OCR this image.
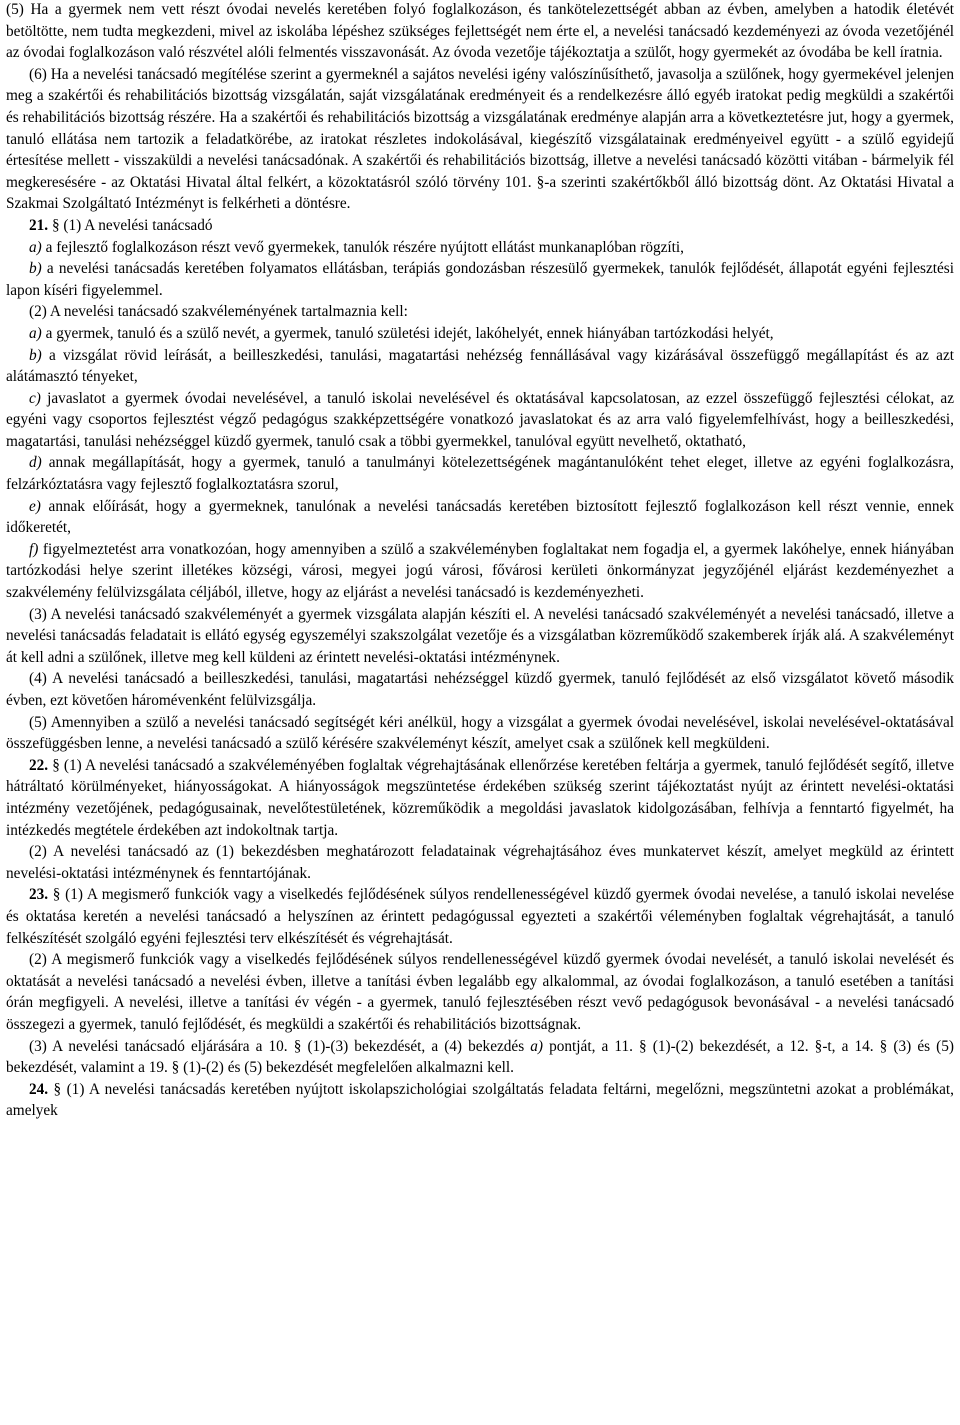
(5) Ha a gyermek nem vett részt óvodai nevelés keretében folyó foglalkozáson, és tankötelezettségét abban az évben, amelyben a hatodik életévét betöltötte, nem tudta megkezdeni, mivel az iskolába lépéshez szükséges fejlettségét nem érte el, a nevelési tanácsadó kezdeményezi az óvoda vezetőjénél az óvodai foglalkozáson való részvétel alóli felmentés visszavonását. Az óvoda vezetője tájékoztatja a szülőt, hogy gyermekét az óvodába be kell íratnia.

(6) Ha a nevelési tanácsadó megítélése szerint a gyermeknél a sajátos nevelési igény valószínűsíthető, javasolja a szülőnek, hogy gyermekével jelenjen meg a szakértői és rehabilitációs bizottság vizsgálatán, saját vizsgálatának eredményeit és a rendelkezésre álló egyéb iratokat pedig megküldi a szakértői és rehabilitációs bizottság részére. Ha a szakértői és rehabilitációs bizottság a vizsgálatának eredménye alapján arra a következtetésre jut, hogy a gyermek, tanuló ellátása nem tartozik a feladatkörébe, az iratokat részletes indokolásával, kiegészítő vizsgálatainak eredményeivel együtt - a szülő egyidejű értesítése mellett - visszaküldi a nevelési tanácsadónak. A szakértői és rehabilitációs bizottság, illetve a nevelési tanácsadó közötti vitában - bármelyik fél megkeresésére - az Oktatási Hivatal által felkért, a közoktatásról szóló törvény 101. §-a szerinti szakértőkből álló bizottság dönt. Az Oktatási Hivatal a Szakmai Szolgáltató Intézményt is felkérheti a döntésre.

21. § (1) A nevelési tanácsadó

a) a fejlesztő foglalkozáson részt vevő gyermekek, tanulók részére nyújtott ellátást munkanaplóban rögzíti,

b) a nevelési tanácsadás keretében folyamatos ellátásban, terápiás gondozásban részesülő gyermekek, tanulók fejlődését, állapotát egyéni fejlesztési lapon kíséri figyelemmel.

(2) A nevelési tanácsadó szakvéleményének tartalmaznia kell:

a) a gyermek, tanuló és a szülő nevét, a gyermek, tanuló születési idejét, lakóhelyét, ennek hiányában tartózkodási helyét,

b) a vizsgálat rövid leírását, a beilleszkedési, tanulási, magatartási nehézség fennállásával vagy kizárásával összefüggő megállapítást és az azt alátámasztó tényeket,

c) javaslatot a gyermek óvodai nevelésével, a tanuló iskolai nevelésével és oktatásával kapcsolatosan, az ezzel összefüggő fejlesztési célokat, az egyéni vagy csoportos fejlesztést végző pedagógus szakképzettségére vonatkozó javaslatokat és az arra való figyelemfelhívást, hogy a beilleszkedési, magatartási, tanulási nehézséggel küzdő gyermek, tanuló csak a többi gyermekkel, tanulóval együtt nevelhető, oktatható,

d) annak megállapítását, hogy a gyermek, tanuló a tanulmányi kötelezettségének magántanulóként tehet eleget, illetve az egyéni foglalkozásra, felzárkóztatásra vagy fejlesztő foglalkoztatásra szorul,

e) annak előírását, hogy a gyermeknek, tanulónak a nevelési tanácsadás keretében biztosított fejlesztő foglalkozáson kell részt vennie, ennek időkeretét,

f) figyelmeztetést arra vonatkozóan, hogy amennyiben a szülő a szakvéleményben foglaltakat nem fogadja el, a gyermek lakóhelye, ennek hiányában tartózkodási helye szerint illetékes községi, városi, megyei jogú városi, fővárosi kerületi önkormányzat jegyzőjénél eljárást kezdeményezhet a szakvélemény felülvizsgálata céljából, illetve, hogy az eljárást a nevelési tanácsadó is kezdeményezheti.

(3) A nevelési tanácsadó szakvéleményét a gyermek vizsgálata alapján készíti el. A nevelési tanácsadó szakvéleményét a nevelési tanácsadó, illetve a nevelési tanácsadás feladatait is ellátó egység egyszemélyi szakszolgálat vezetője és a vizsgálatban közreműködő szakemberek írják alá. A szakvéleményt át kell adni a szülőnek, illetve meg kell küldeni az érintett nevelési-oktatási intézménynek.

(4) A nevelési tanácsadó a beilleszkedési, tanulási, magatartási nehézséggel küzdő gyermek, tanuló fejlődését az első vizsgálatot követő második évben, ezt követően háromévenként felülvizsgálja.

(5) Amennyiben a szülő a nevelési tanácsadó segítségét kéri anélkül, hogy a vizsgálat a gyermek óvodai nevelésével, iskolai nevelésével-oktatásával összefüggésben lenne, a nevelési tanácsadó a szülő kérésére szakvéleményt készít, amelyet csak a szülőnek kell megküldeni.

22. § (1) A nevelési tanácsadó a szakvéleményében foglaltak végrehajtásának ellenőrzése keretében feltárja a gyermek, tanuló fejlődését segítő, illetve hátráltató körülményeket, hiányosságokat. A hiányosságok megszüntetése érdekében szükség szerint tájékoztatást nyújt az érintett nevelési-oktatási intézmény vezetőjének, pedagógusainak, nevelőtestületének, közreműködik a megoldási javaslatok kidolgozásában, felhívja a fenntartó figyelmét, ha intézkedés megtétele érdekében azt indokoltnak tartja.

(2) A nevelési tanácsadó az (1) bekezdésben meghatározott feladatainak végrehajtásához éves munkatervet készít, amelyet megküld az érintett nevelési-oktatási intézménynek és fenntartójának.

23. § (1) A megismerő funkciók vagy a viselkedés fejlődésének súlyos rendellenességével küzdő gyermek óvodai nevelése, a tanuló iskolai nevelése és oktatása keretén a nevelési tanácsadó a helyszínen az érintett pedagógussal egyezteti a szakértői véleményben foglaltak végrehajtását, a tanuló felkészítését szolgáló egyéni fejlesztési terv elkészítését és végrehajtását.

(2) A megismerő funkciók vagy a viselkedés fejlődésének súlyos rendellenességével küzdő gyermek óvodai nevelését, a tanuló iskolai nevelését és oktatását a nevelési tanácsadó a nevelési évben, illetve a tanítási évben legalább egy alkalommal, az óvodai foglalkozáson, a tanuló esetében a tanítási órán megfigyeli. A nevelési, illetve a tanítási év végén - a gyermek, tanuló fejlesztésében részt vevő pedagógusok bevonásával - a nevelési tanácsadó összegezi a gyermek, tanuló fejlődését, és megküldi a szakértői és rehabilitációs bizottságnak.

(3) A nevelési tanácsadó eljárására a 10. § (1)-(3) bekezdését, a (4) bekezdés a) pontját, a 11. § (1)-(2) bekezdését, a 12. §-t, a 14. § (3) és (5) bekezdését, valamint a 19. § (1)-(2) és (5) bekezdését megfelelően alkalmazni kell.

24. § (1) A nevelési tanácsadás keretében nyújtott iskolapszichológiai szolgáltatás feladata feltárni, megelőzni, megszüntetni azokat a problémákat, amelyek
